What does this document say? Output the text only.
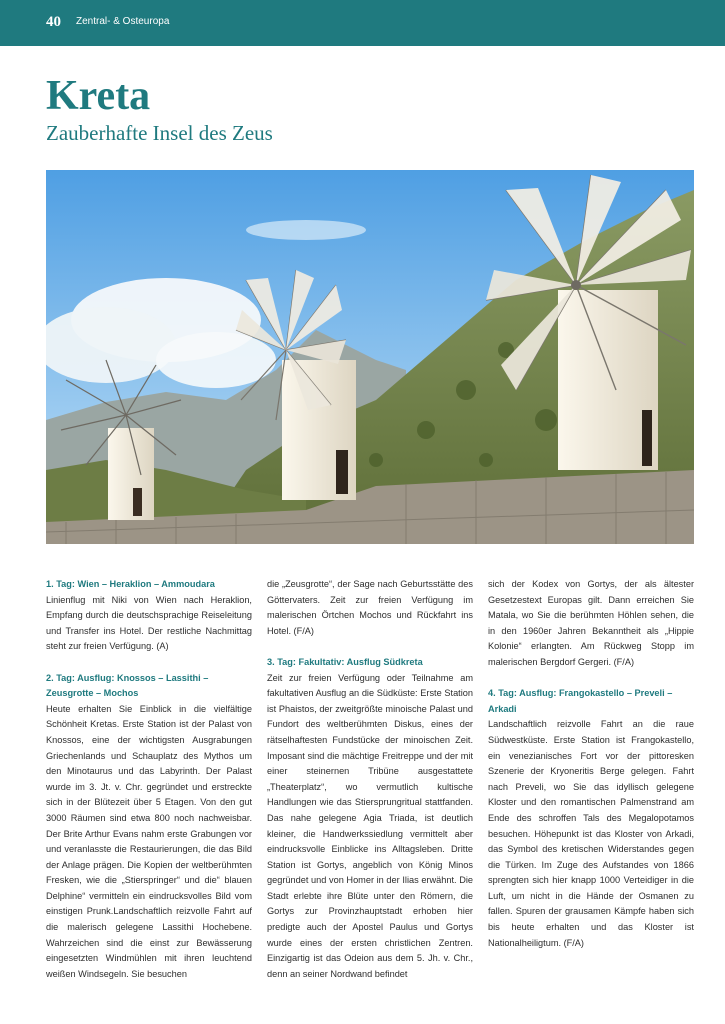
40 Zentral- & Osteuropa
Kreta
Zauberhafte Insel des Zeus
1. Tag: Wien – Heraklion – Ammoudara

Linienflug mit Niki von Wien nach Heraklion, Empfang durch die deutschsprachige Reiseleitung und Transfer ins Hotel. Der restliche Nachmittag steht zur freien Verfügung. (A)

2. Tag: Ausflug: Knossos – Lassithi – Zeusgrotte – Mochos

Heute erhalten Sie Einblick in die vielfältige Schönheit Kretas. Erste Station ist der Palast von Knossos, eine der wichtigsten Ausgrabungen Griechenlands und Schauplatz des Mythos um den Minotaurus und das Labyrinth. Der Palast wurde im 3. Jt. v. Chr. gegründet und erstreckte sich in der Blütezeit über 5 Etagen. Von den gut 3000 Räumen sind etwa 800 noch nachweisbar. Der Brite Arthur Evans nahm erste Grabungen vor und veranlasste die Restaurierungen, die das Bild der Anlage prägen. Die Kopien der weltberühmten Fresken, wie die „Stierspringer“ und die“ blauen Delphine“ vermitteln ein eindrucksvolles Bild vom einstigen Prunk.Landschaftlich reizvolle Fahrt auf die malerisch gelegene Lassithi Hochebene. Wahrzeichen sind die einst zur Bewässerung eingesetzten Windmühlen mit ihren leuchtend weißen Windsegeln. Sie besuchen

die „Zeusgrotte“, der Sage nach Geburtsstätte des Göttervaters. Zeit zur freien Verfügung im malerischen Örtchen Mochos und Rückfahrt ins Hotel. (F/A)

3. Tag: Fakultativ: Ausflug Südkreta

Zeit zur freien Verfügung oder Teilnahme am fakultativen Ausflug an die Südküste: Erste Station ist Phaistos, der zweitgrößte minoische Palast und Fundort des weltberühmten Diskus, eines der rätselhaftesten Fundstücke der minoischen Zeit. Imposant sind die mächtige Freitreppe und der mit einer steinernen Tribüne ausgestattete „Theaterplatz“, wo vermutlich kultische Handlungen wie das Stiersprungritual stattfanden. Das nahe gelegene Agia Triada, ist deutlich kleiner, die Handwerkssiedlung vermittelt aber eindrucksvolle Einblicke ins Alltagsleben. Dritte Station ist Gortys, angeblich von König Minos gegründet und von Homer in der Ilias erwähnt. Die Stadt erlebte ihre Blüte unter den Römern, die Gortys zur Provinzhauptstadt erhoben hier predigte auch der Apostel Paulus und Gortys wurde eines der ersten christlichen Zentren. Einzigartig ist das Odeion aus dem 5. Jh. v. Chr., denn an seiner Nordwand befindet

sich der Kodex von Gortys, der als ältester Gesetzestext Europas gilt. Dann erreichen Sie Matala, wo Sie die berühmten Höhlen sehen, die in den 1960er Jahren Bekanntheit als „Hippie Kolonie“ erlangten. Am Rückweg Stopp im malerischen Bergdorf Gergeri. (F/A)

4. Tag: Ausflug: Frangokastello – Preveli – Arkadi

Landschaftlich reizvolle Fahrt an die raue Südwestküste. Erste Station ist Frangokastello, ein venezianisches Fort vor der pittoresken Szenerie der Kryoneritis Berge gelegen. Fahrt nach Preveli, wo Sie das idyllisch gelegene Kloster und den romantischen Palmenstrand am Ende des schroffen Tals des Megalopotamos besuchen. Höhepunkt ist das Kloster von Arkadi, das Symbol des kretischen Widerstandes gegen die Türken. Im Zuge des Aufstandes von 1866 sprengten sich hier knapp 1000 Verteidiger in die Luft, um nicht in die Hände der Osmanen zu fallen. Spuren der grausamen Kämpfe haben sich bis heute erhalten und das Kloster ist Nationalheiligtum. (F/A)
